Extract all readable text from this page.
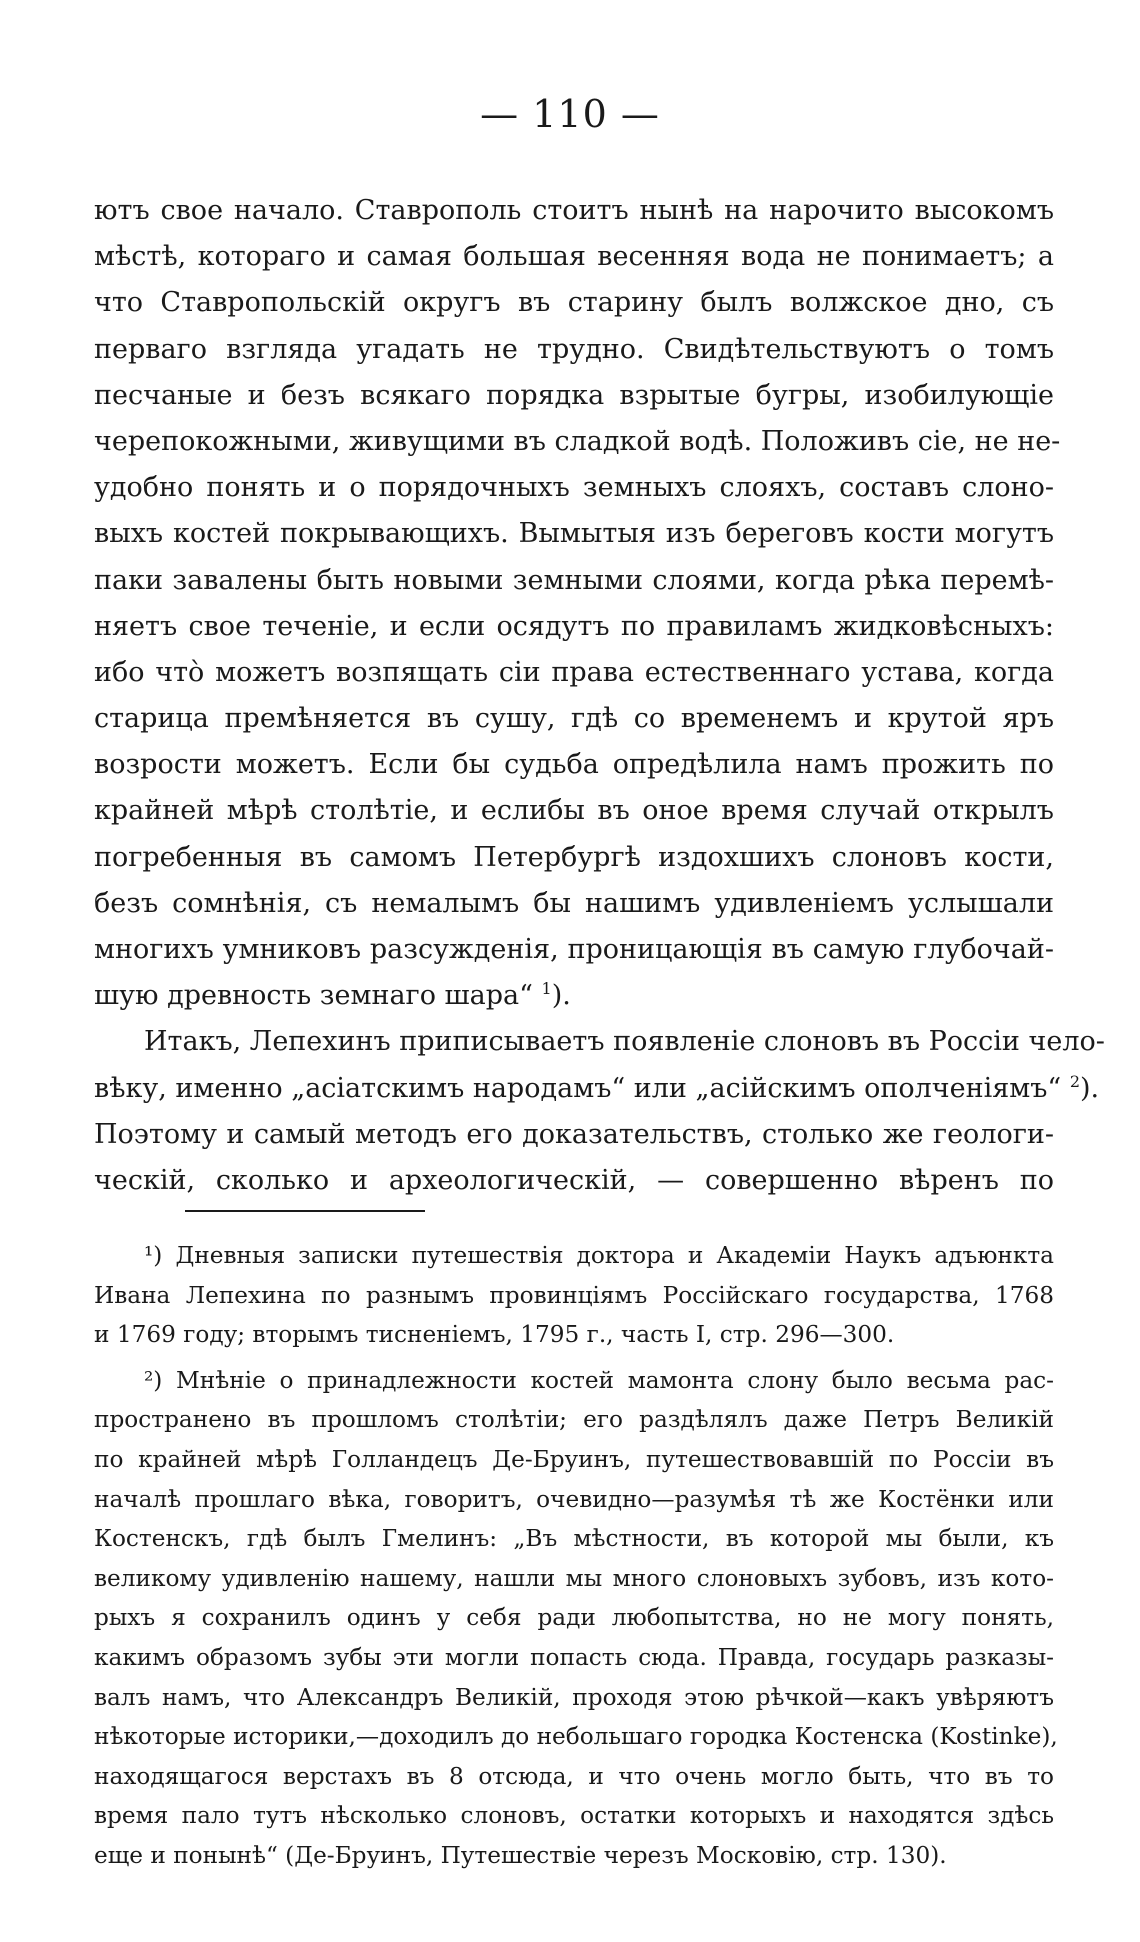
— 110 —
ютъ свое начало. Ставрополь стоитъ нынѣ на нарочито высокомъ
мѣстѣ, котораго и самая большая весенняя вода не понимаетъ; а
что Ставропольскій округъ въ старину былъ волжское дно, съ
перваго взгляда угадать не трудно. Свидѣтельствуютъ о томъ
песчаные и безъ всякаго порядка взрытые бугры, изобилующіе
черепокожными, живущими въ сладкой водѣ. Положивъ сіе, не не-
удобно понять и о порядочныхъ земныхъ слояхъ, составъ слоно-
выхъ костей покрывающихъ. Вымытыя изъ береговъ кости могутъ
паки завалены быть новыми земными слоями, когда рѣка перемѣ-
няетъ свое теченіе, и если осядутъ по правиламъ жидковѣсныхъ:
ибо что̀ можетъ возпящать сіи права естественнаго устава, когда
старица премѣняется въ сушу, гдѣ со временемъ и крутой яръ
возрости можетъ. Если бы судьба опредѣлила намъ прожить по
крайней мѣрѣ столѣтіе, и еслибы въ оное время случай открылъ
погребенныя въ самомъ Петербургѣ издохшихъ слоновъ кости,
безъ сомнѣнія, съ немалымъ бы нашимъ удивленіемъ услышали
многихъ умниковъ разсужденія, проницающія въ самую глубочай-
шую древность земнаго шара“ $^1$).
Итакъ, Лепехинъ приписываетъ появленіе слоновъ въ Россіи чело-
вѣку, именно „асіатскимъ народамъ“ или „асійскимъ ополченіямъ“ $^2$).
Поэтому и самый методъ его доказательствъ, столько же геологи-
ческій, сколько и археологическій, — совершенно вѣренъ по
¹) Дневныя записки путешествія доктора и Академіи Наукъ адъюнкта
Ивана Лепехина по разнымъ провинціямъ Россійскаго государства, 1768
и 1769 году; вторымъ тисненіемъ, 1795 г., часть I, стр. 296—300.
²) Мнѣніе о принадлежности костей мамонта слону было весьма рас-
пространено въ прошломъ столѣтіи; его раздѣлялъ даже Петръ Великій
по крайней мѣрѣ Голландецъ Де-Бруинъ, путешествовавшій по Россіи въ
началѣ прошлаго вѣка, говоритъ, очевидно—разумѣя тѣ же Костёнки или
Костенскъ, гдѣ былъ Гмелинъ: „Въ мѣстности, въ которой мы были, къ
великому удивленію нашему, нашли мы много слоновыхъ зубовъ, изъ кото-
рыхъ я сохранилъ одинъ у себя ради любопытства, но не могу понять,
какимъ образомъ зубы эти могли попасть сюда. Правда, государь разказы-
валъ намъ, что Александръ Великій, проходя этою рѣчкой—какъ увѣряютъ
нѣкоторые историки,—доходилъ до небольшаго городка Костенска (Kostinke),
находящагося верстахъ въ 8 отсюда, и что очень могло быть, что въ то
время пало тутъ нѣсколько слоновъ, остатки которыхъ и находятся здѣсь
еще и понынѣ“ (Де-Бруинъ, Путешествіе черезъ Московію, стр. 130).
